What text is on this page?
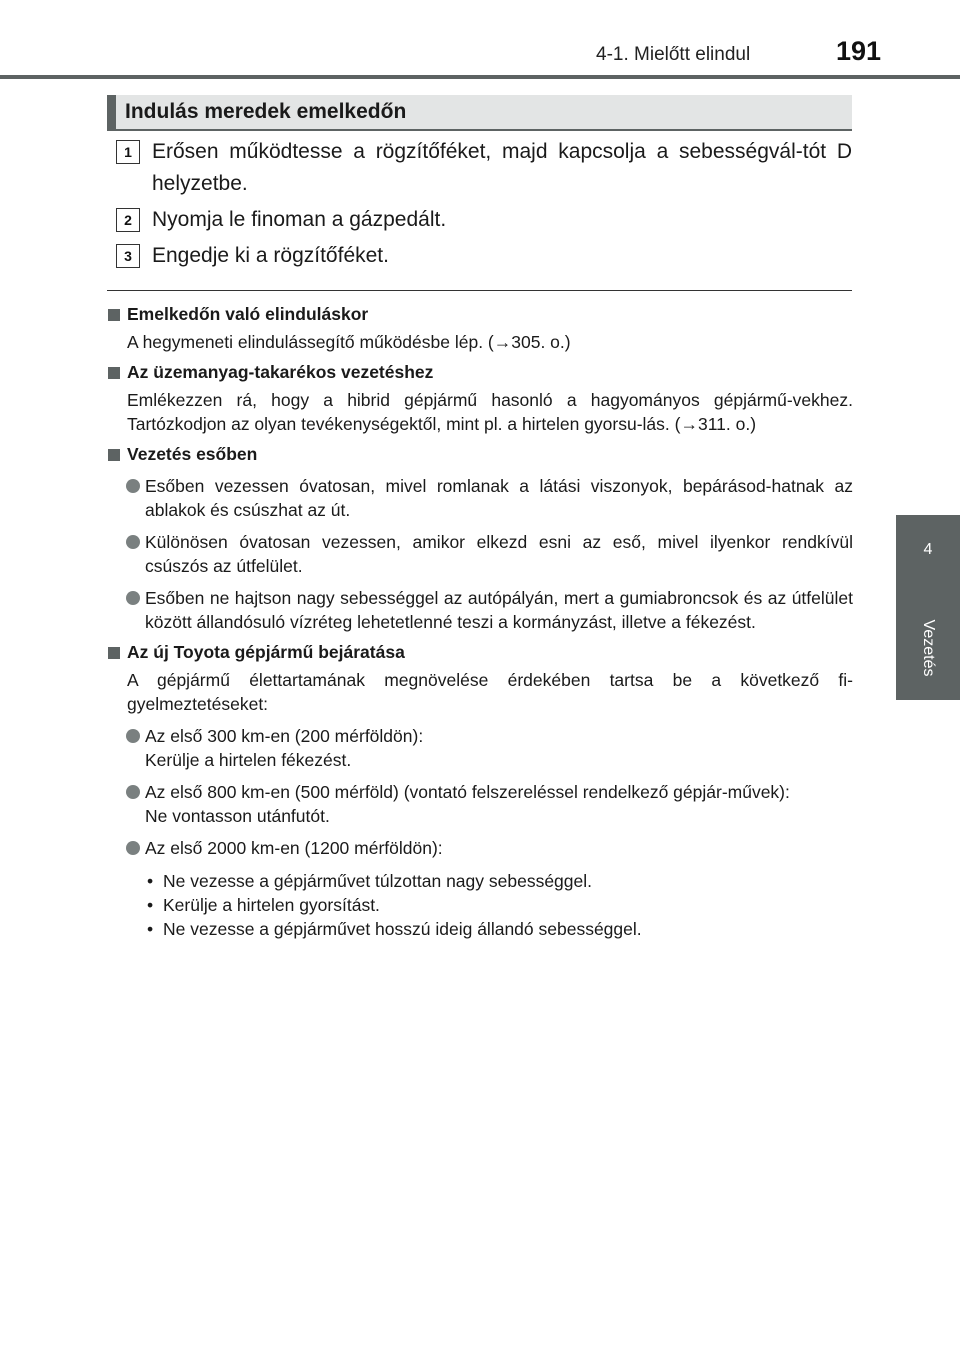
4-1. Mielőtt elindul	191
4
Vezetés
Indulás meredek emelkedőn
1 Erősen működtesse a rögzítőféket, majd kapcsolja a sebességvál-tót D helyzetbe.
2 Nyomja le finoman a gázpedált.
3 Engedje ki a rögzítőféket.
Emelkedőn való elinduláskor
A hegymeneti elindulássegítő működésbe lép. (→305. o.)
Az üzemanyag-takarékos vezetéshez
Emlékezzen rá, hogy a hibrid gépjármű hasonló a hagyományos gépjármű-vekhez. Tartózkodjon az olyan tevékenységektől, mint pl. a hirtelen gyorsu-lás. (→311. o.)
Vezetés esőben
Esőben vezessen óvatosan, mivel romlanak a látási viszonyok, bepárásod-hatnak az ablakok és csúszhat az út.
Különösen óvatosan vezessen, amikor elkezd esni az eső, mivel ilyenkor rendkívül csúszós az útfelület.
Esőben ne hajtson nagy sebességgel az autópályán, mert a gumiabroncsok és az útfelület között állandósuló vízréteg lehetetlenné teszi a kormányzást, illetve a fékezést.
Az új Toyota gépjármű bejáratása
A gépjármű élettartamának megnövelése érdekében tartsa be a következő fi-gyelmeztetéseket:
Az első 300 km-en (200 mérföldön):
Kerülje a hirtelen fékezést.
Az első 800 km-en (500 mérföld) (vontató felszereléssel rendelkező gépjár-művek):
Ne vontasson utánfutót.
Az első 2000 km-en (1200 mérföldön):
• Ne vezesse a gépjárművet túlzottan nagy sebességgel.
• Kerülje a hirtelen gyorsítást.
• Ne vezesse a gépjárművet hosszú ideig állandó sebességgel.
